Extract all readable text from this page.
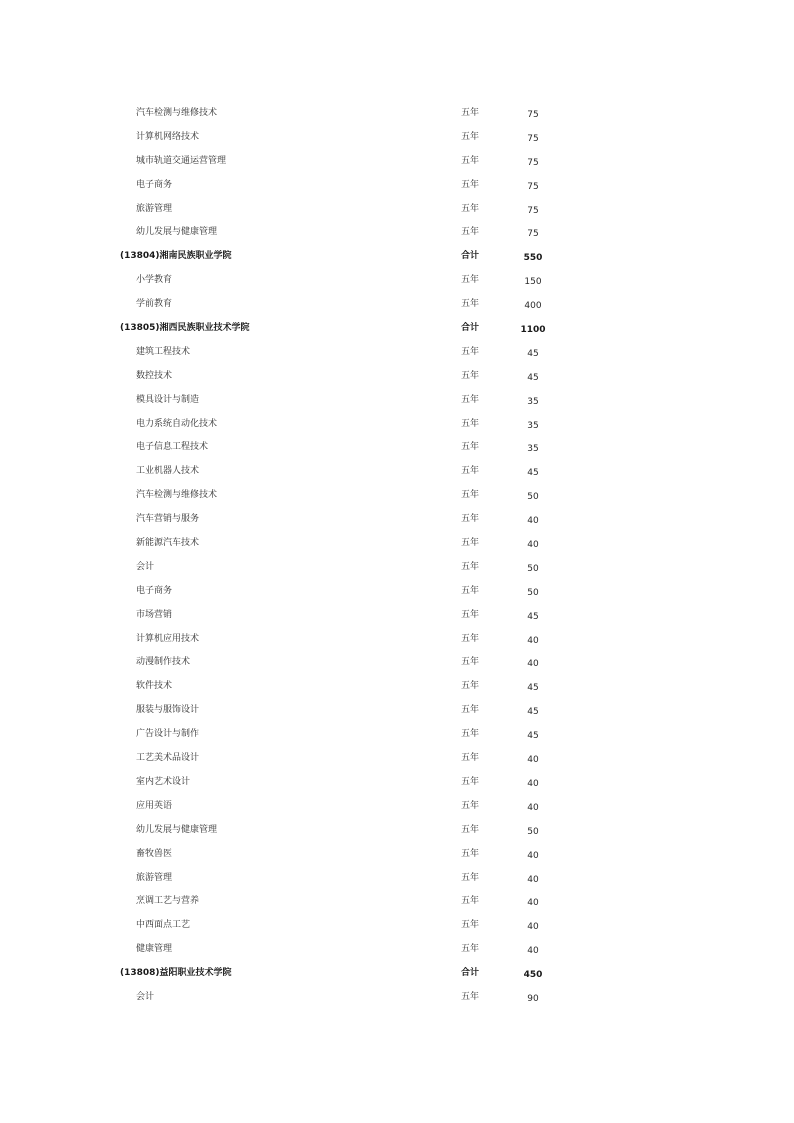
汽车检测与维修技术	五年	75
计算机网络技术	五年	75
城市轨道交通运营管理	五年	75
电子商务	五年	75
旅游管理	五年	75
幼儿发展与健康管理	五年	75
(13804)湘南民族职业学院	合计	550
小学教育	五年	150
学前教育	五年	400
(13805)湘西民族职业技术学院	合计	1100
建筑工程技术	五年	45
数控技术	五年	45
模具设计与制造	五年	35
电力系统自动化技术	五年	35
电子信息工程技术	五年	35
工业机器人技术	五年	45
汽车检测与维修技术	五年	50
汽车营销与服务	五年	40
新能源汽车技术	五年	40
会计	五年	50
电子商务	五年	50
市场营销	五年	45
计算机应用技术	五年	40
动漫制作技术	五年	40
软件技术	五年	45
服装与服饰设计	五年	45
广告设计与制作	五年	45
工艺美术品设计	五年	40
室内艺术设计	五年	40
应用英语	五年	40
幼儿发展与健康管理	五年	50
畜牧兽医	五年	40
旅游管理	五年	40
烹调工艺与营养	五年	40
中西面点工艺	五年	40
健康管理	五年	40
(13808)益阳职业技术学院	合计	450
会计	五年	90
